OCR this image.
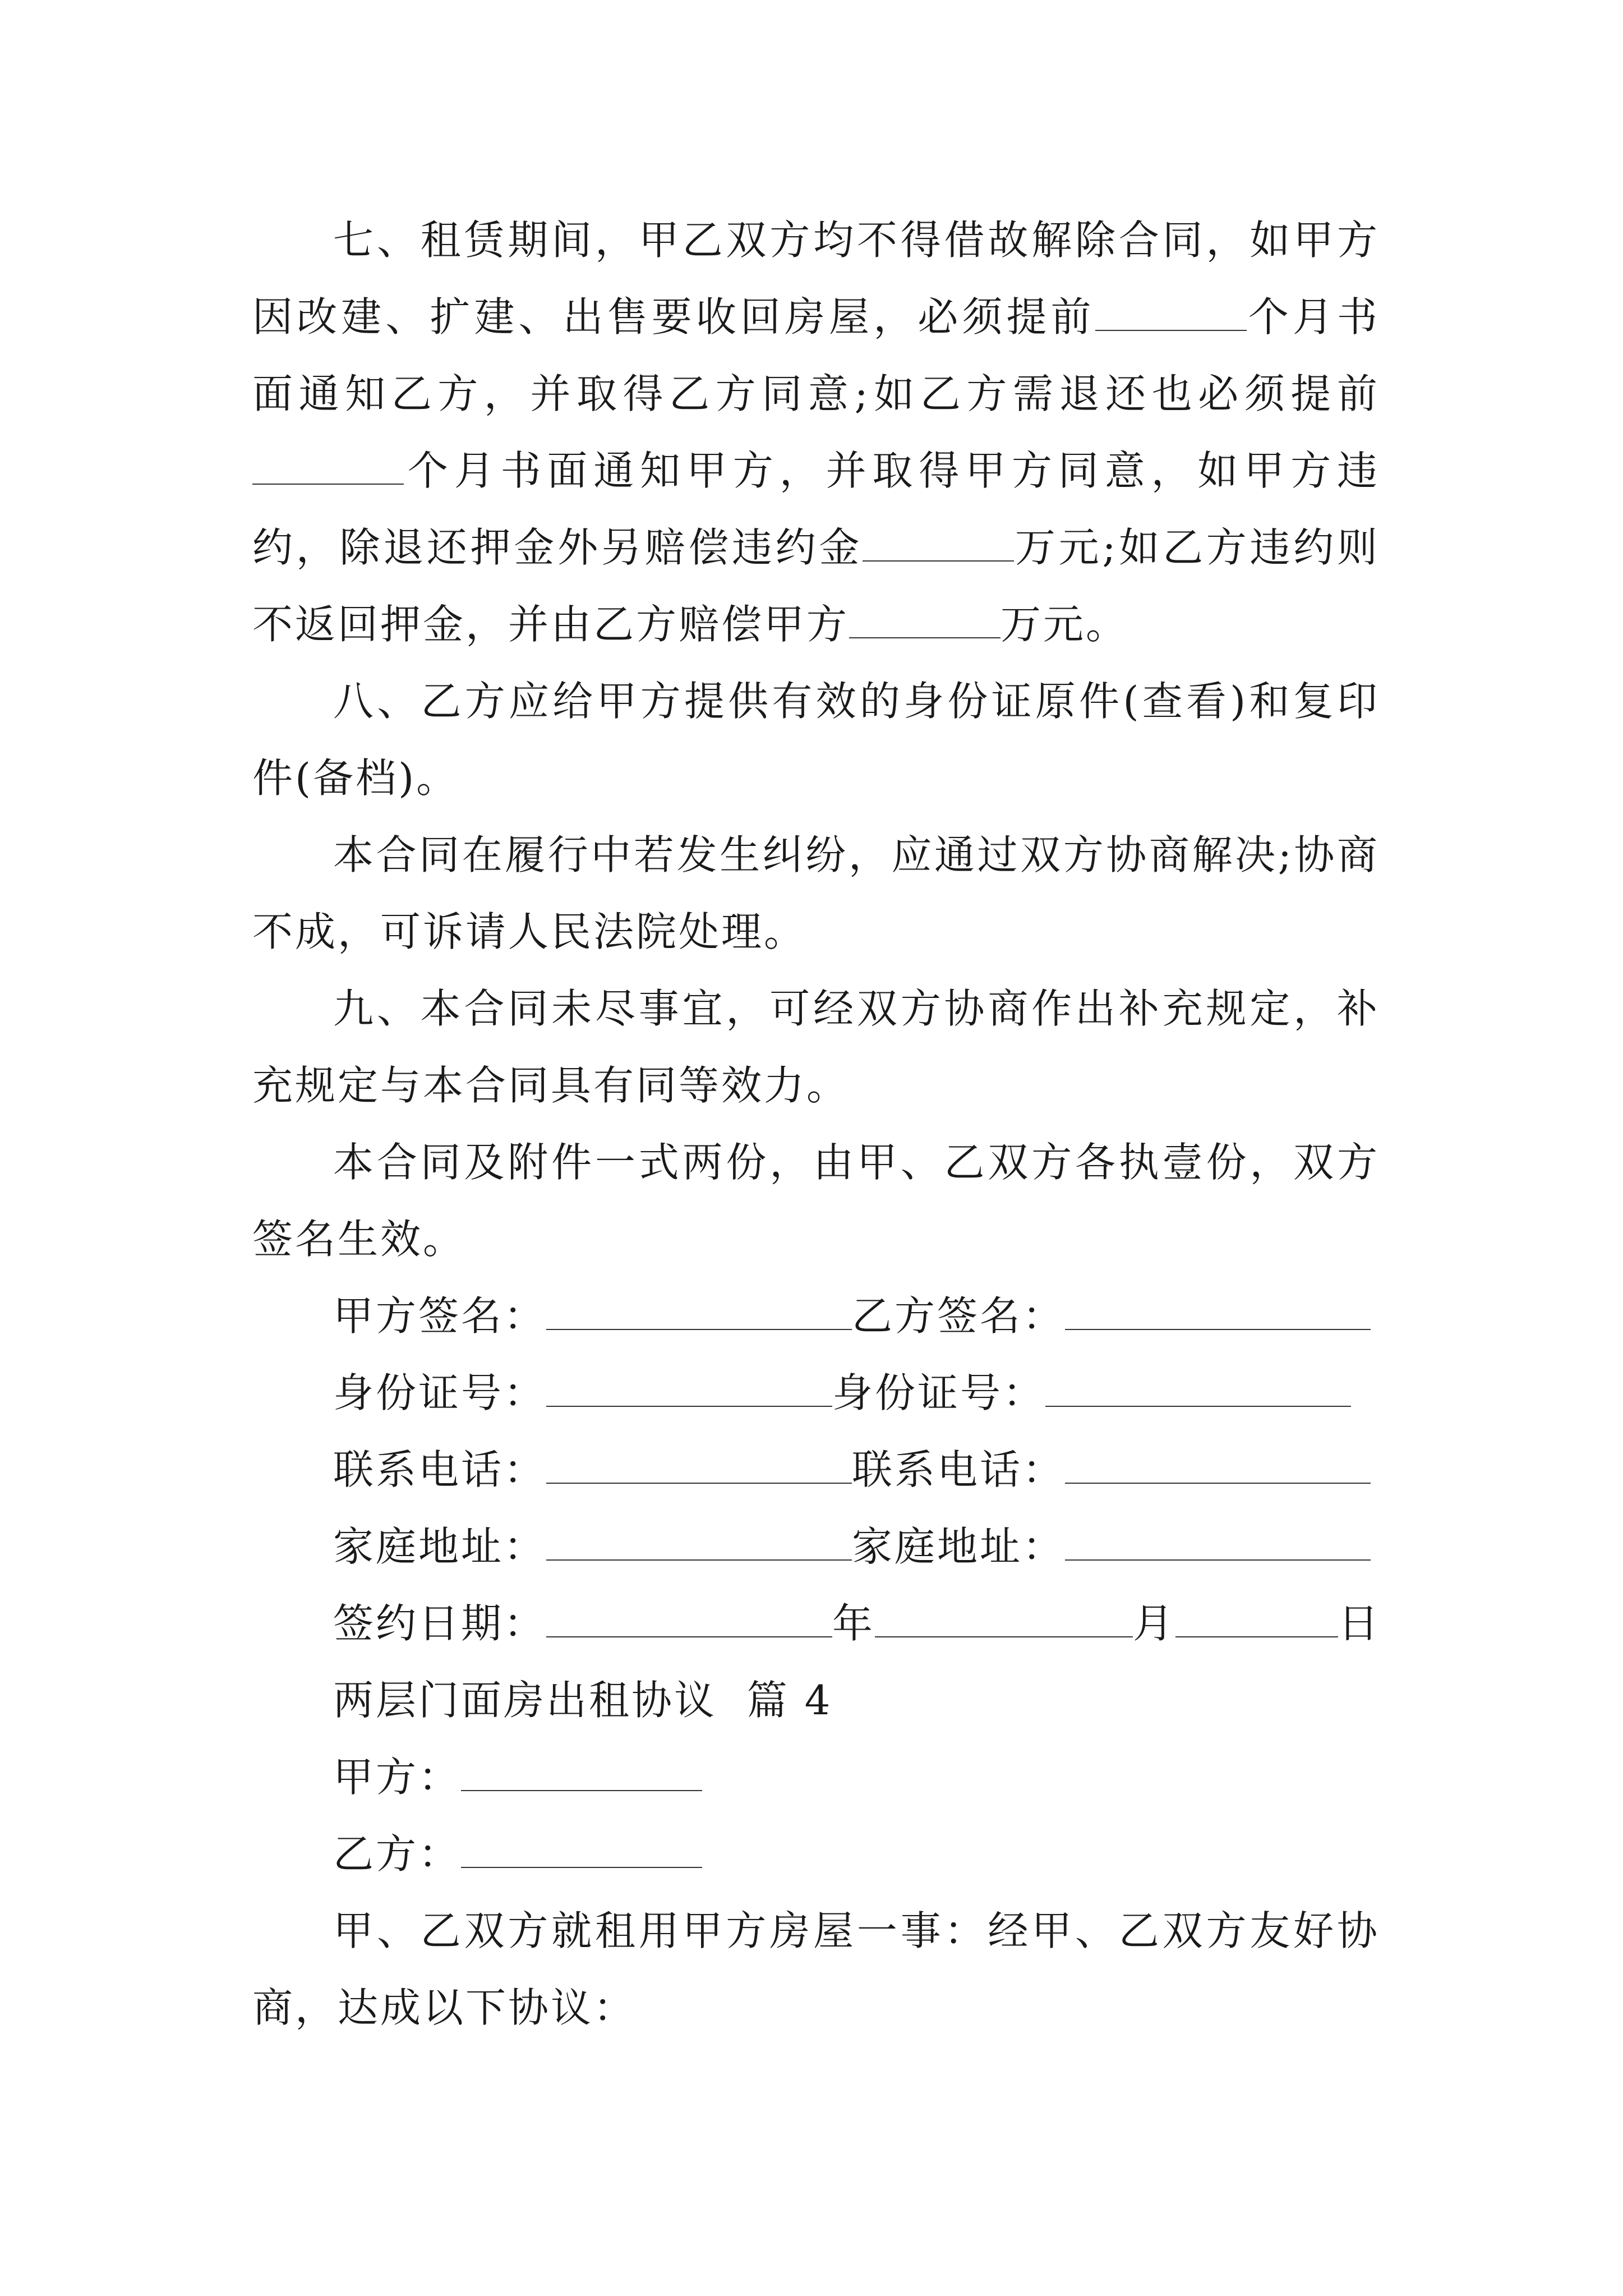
七、租赁期间，甲乙双方均不得借故解除合同，如甲方因改建、扩建、出售要收回房屋，必须提前	个月书面通知乙方，并取得乙方同意;如乙方需退还也必须提前个月书面通知甲方，并取得甲方同意，如甲方违约，除退还押金外另赔偿违约金	万元;如乙方违约则不返回押金，并由乙方赔偿甲方	万元。

八、乙方应给甲方提供有效的身份证原件(查看)和复印件(备档)。

本合同在履行中若发生纠纷，应通过双方协商解决;协商不成，可诉请人民法院处理。

九、本合同未尽事宜，可经双方协商作出补充规定，补充规定与本合同具有同等效力。

本合同及附件一式两份，由甲、乙双方各执壹份，双方签名生效。

甲方签名：	乙方签名：
身份证号：	身份证号：
联系电话：	联系电话：
家庭地址：	家庭地址：
签约日期：	年	月	日
两层门面房出租协议  篇 4
甲方：
乙方：

甲、乙双方就租用甲方房屋一事：经甲、乙双方友好协商，达成以下协议：
